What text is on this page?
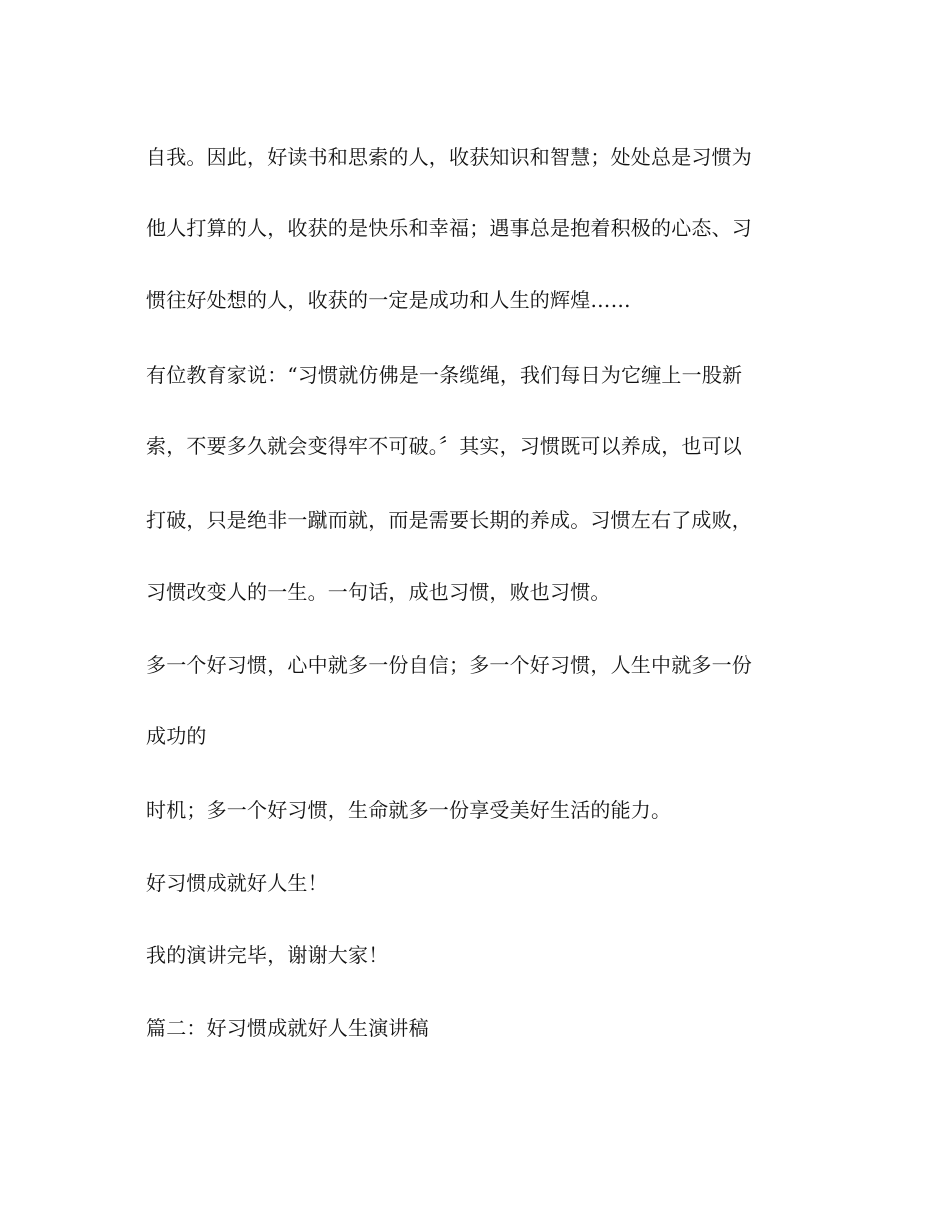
自我。因此，好读书和思索的人，收获知识和智慧；处处总是习惯为
他人打算的人，收获的是快乐和幸福；遇事总是抱着积极的心态、习
惯往好处想的人，收获的一定是成功和人生的辉煌……
有位教育家说：“习惯就仿佛是一条缆绳，我们每日为它缠上一股新
索，不要多久就会变得牢不可破。〞其实，习惯既可以养成，也可以
打破，只是绝非一蹴而就，而是需要长期的养成。习惯左右了成败，
习惯改变人的一生。一句话，成也习惯，败也习惯。
多一个好习惯，心中就多一份自信；多一个好习惯，人生中就多一份
成功的
时机；多一个好习惯，生命就多一份享受美好生活的能力。
好习惯成就好人生！
我的演讲完毕，谢谢大家！
篇二：好习惯成就好人生演讲稿
